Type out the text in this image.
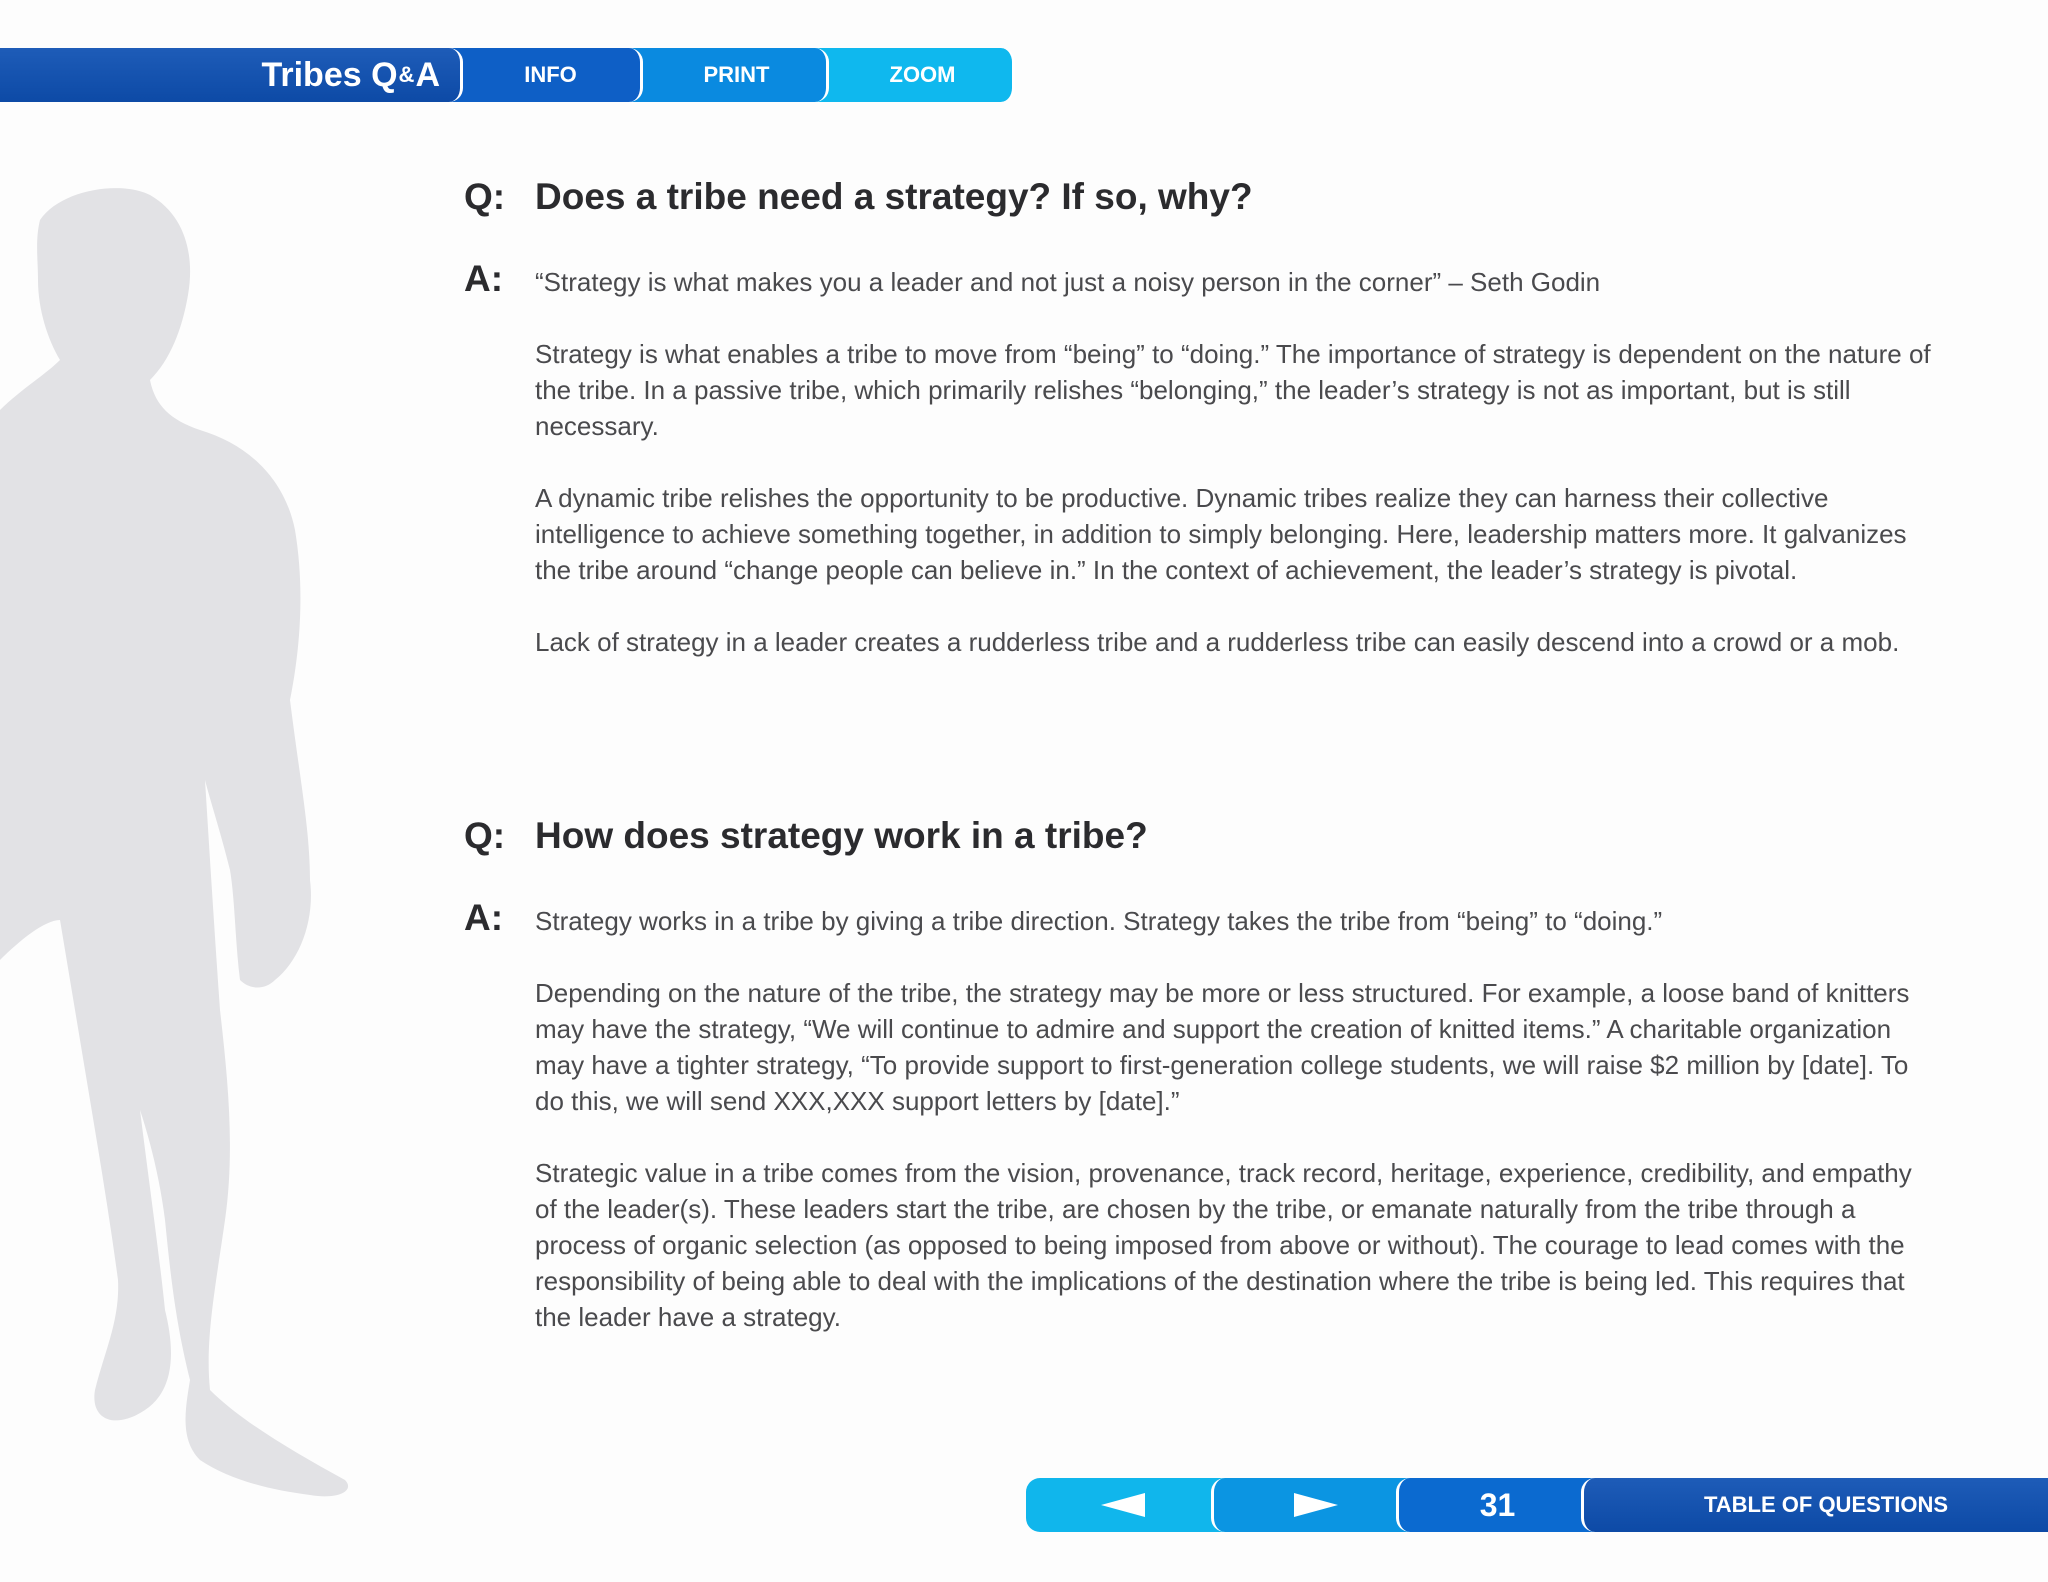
Tribes Q & A	INFO	PRINT	ZOOM
Q: Does a tribe need a strategy? If so, why?
A:	“Strategy is what makes you a leader and not just a noisy person in the corner” – Seth Godin

Strategy is what enables a tribe to move from “being” to “doing.” The importance of strategy is dependent on the nature of the tribe. In a passive tribe, which primarily relishes “belonging,” the leader’s strategy is not as important, but is still necessary.

A dynamic tribe relishes the opportunity to be productive. Dynamic tribes realize they can harness their collective intelligence to achieve something together, in addition to simply belonging. Here, leadership matters more. It galvanizes the tribe around “change people can believe in.” In the context of achievement, the leader’s strategy is pivotal.

Lack of strategy in a leader creates a rudderless tribe and a rudderless tribe can easily descend into a crowd or a mob.

Q: How does strategy work in a tribe?
A:	Strategy works in a tribe by giving a tribe direction. Strategy takes the tribe from “being” to “doing.”

Depending on the nature of the tribe, the strategy may be more or less structured. For example, a loose band of knitters may have the strategy, “We will continue to admire and support the creation of knitted items.” A charitable organization may have a tighter strategy, “To provide support to first-generation college students, we will raise $2 million by [date]. To do this, we will send XXX,XXX support letters by [date].”

Strategic value in a tribe comes from the vision, provenance, track record, heritage, experience, credibility, and empathy of the leader(s). These leaders start the tribe, are chosen by the tribe, or emanate naturally from the tribe through a process of organic selection (as opposed to being imposed from above or without). The courage to lead comes with the responsibility of being able to deal with the implications of the destination where the tribe is being led. This requires that the leader have a strategy.

31	TABLE OF QUESTIONS
